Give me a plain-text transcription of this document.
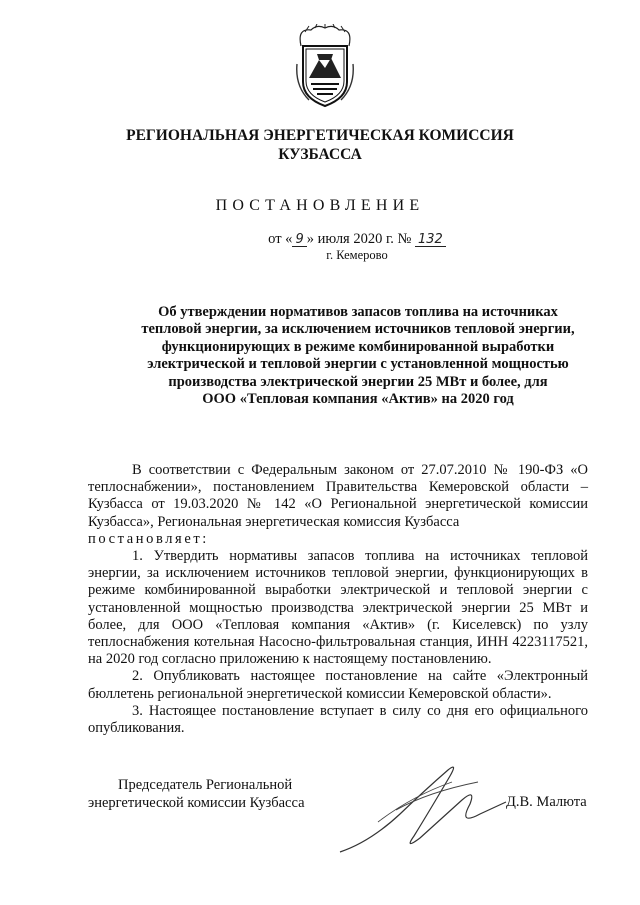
РЕГИОНАЛЬНАЯ ЭНЕРГЕТИЧЕСКАЯ КОМИССИЯ
КУЗБАССА
ПОСТАНОВЛЕНИЕ
от « 9 » июля 2020 г. № 132
г. Кемерово
Об утверждении нормативов запасов топлива на источниках
тепловой энергии, за исключением источников тепловой энергии,
функционирующих в режиме комбинированной выработки
электрической и тепловой энергии с установленной мощностью
производства электрической энергии 25 МВт и более, для
ООО «Тепловая компания «Актив» на 2020 год

В соответствии с Федеральным законом от 27.07.2010 № 190-ФЗ «О теплоснабжении», постановлением Правительства Кемеровской области – Кузбасса от 19.03.2020 № 142 «О Региональной энергетической комиссии Кузбасса», Региональная энергетическая комиссия Кузбасса

постановляет:

1. Утвердить нормативы запасов топлива на источниках тепловой энергии, за исключением источников тепловой энергии, функционирующих в режиме комбинированной выработки электрической и тепловой энергии с установленной мощностью производства электрической энергии 25 МВт и более, для ООО «Тепловая компания «Актив» (г. Киселевск) по узлу теплоснабжения котельная Насосно-фильтровальная станция, ИНН 4223117521, на 2020 год согласно приложению к настоящему постановлению.

2. Опубликовать настоящее постановление на сайте «Электронный бюллетень региональной энергетической комиссии Кемеровской области».

3. Настоящее постановление вступает в силу со дня его официального опубликования.

Председатель Региональной
энергетической комиссии Кузбасса	Д.В. Малюта
